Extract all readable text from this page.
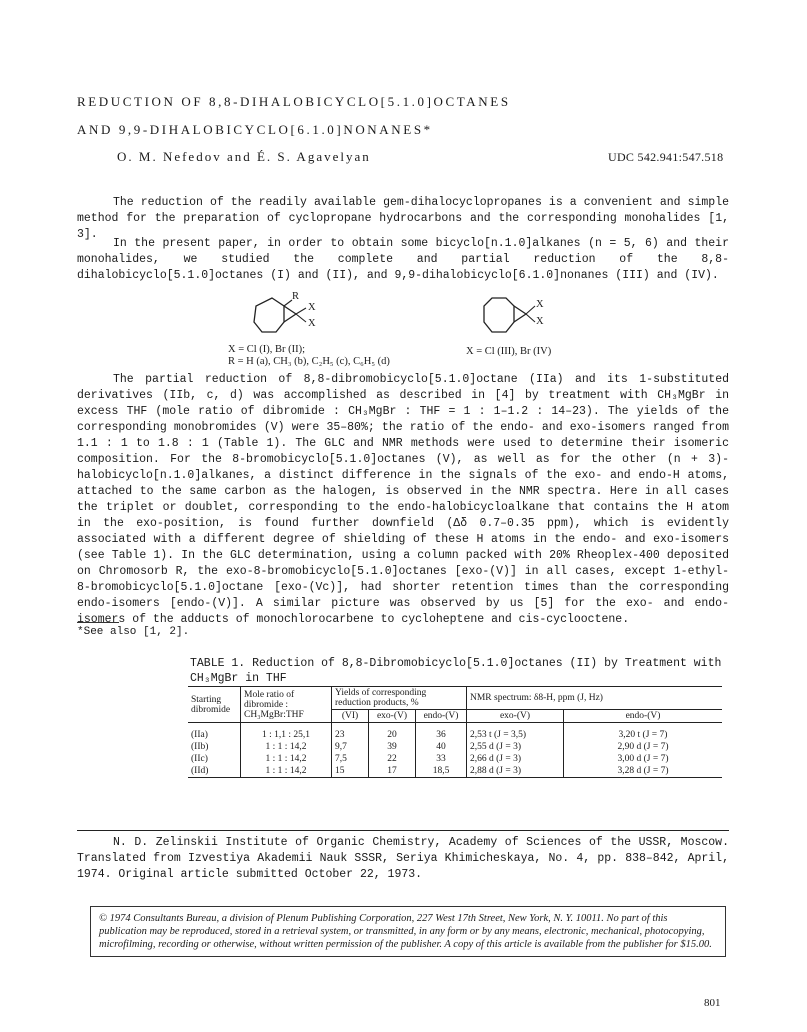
REDUCTION OF 8,8-DIHALOBICYCLO[5.1.0]OCTANES
AND 9,9-DIHALOBICYCLO[6.1.0]NONANES*
O. M. Nefedov and É. S. Agavelyan	UDC 542.941:547.518
The reduction of the readily available gem-dihalocyclopropanes is a convenient and simple method for the preparation of cyclopropane hydrocarbons and the corresponding monohalides [1, 3].
In the present paper, in order to obtain some bicyclo[n.1.0]alkanes (n = 5, 6) and their monohalides, we studied the complete and partial reduction of the 8,8-dihalobicyclo[5.1.0]octanes (I) and (II), and 9,9-dihalobicyclo[6.1.0]nonanes (III) and (IV).
R
X
X
X
X
X = Cl (I), Br (II);
R = H (a), CH₃ (b), C₂H₅ (c), C₆H₅ (d)
X = Cl (III), Br (IV)
The partial reduction of 8,8-dibromobicyclo[5.1.0]octane (IIa) and its 1-substituted derivatives (IIb, c, d) was accomplished as described in [4] by treatment with CH₃MgBr in excess THF (mole ratio of dibromide : CH₃MgBr : THF = 1 : 1–1.2 : 14–23). The yields of the corresponding monobromides (V) were 35–80%; the ratio of the endo- and exo-isomers ranged from 1.1 : 1 to 1.8 : 1 (Table 1). The GLC and NMR methods were used to determine their isomeric composition. For the 8-bromobicyclo[5.1.0]octanes (V), as well as for the other (n + 3)-halobicyclo[n.1.0]alkanes, a distinct difference in the signals of the exo- and endo-H atoms, attached to the same carbon as the halogen, is observed in the NMR spectra. Here in all cases the triplet or doublet, corresponding to the endo-halobicycloalkane that contains the H atom in the exo-position, is found further downfield (Δδ 0.7–0.35 ppm), which is evidently associated with a different degree of shielding of these H atoms in the endo- and exo-isomers (see Table 1). In the GLC determination, using a column packed with 20% Rheoplex-400 deposited on Chromosorb R, the exo-8-bromobicyclo[5.1.0]octanes [exo-(V)] in all cases, except 1-ethyl-8-bromobicyclo[5.1.0]octane [exo-(Vc)], had shorter retention times than the corresponding endo-isomers [endo-(V)]. A similar picture was observed by us [5] for the exo- and endo-isomers of the adducts of monochlorocarbene to cycloheptene and cis-cyclooctene.
*See also [1, 2].
TABLE 1. Reduction of 8,8-Dibromobicyclo[5.1.0]octanes (II) by Treatment with CH₃MgBr in THF
Starting dibromide	Mole ratio of dibromide : CH₃MgBr:THF	Yields of corresponding reduction products, %			NMR spectrum: δ8-H, ppm (J, Hz)	
		(VI)	exo-(V)	endo-(V)	exo-(V)	endo-(V)

(IIa)	1 : 1,1 : 25,1	23	20	36	2,53 t (J = 3,5)	3,20 t (J = 7)
(IIb)	1 : 1 : 14,2	9,7	39	40	2,55 d (J = 3)	2,90 d (J = 7)
(IIc)	1 : 1 : 14,2	7,5	22	33	2,66 d (J = 3)	3,00 d (J = 7)
(IId)	1 : 1 : 14,2	15	17	18,5	2,88 d (J = 3)	3,28 d (J = 7)
N. D. Zelinskii Institute of Organic Chemistry, Academy of Sciences of the USSR, Moscow. Translated from Izvestiya Akademii Nauk SSSR, Seriya Khimicheskaya, No. 4, pp. 838–842, April, 1974. Original article submitted October 22, 1973.
© 1974 Consultants Bureau, a division of Plenum Publishing Corporation, 227 West 17th Street, New York, N. Y. 10011. No part of this publication may be reproduced, stored in a retrieval system, or transmitted, in any form or by any means, electronic, mechanical, photocopying, microfilming, recording or otherwise, without written permission of the publisher. A copy of this article is available from the publisher for $15.00.
801
